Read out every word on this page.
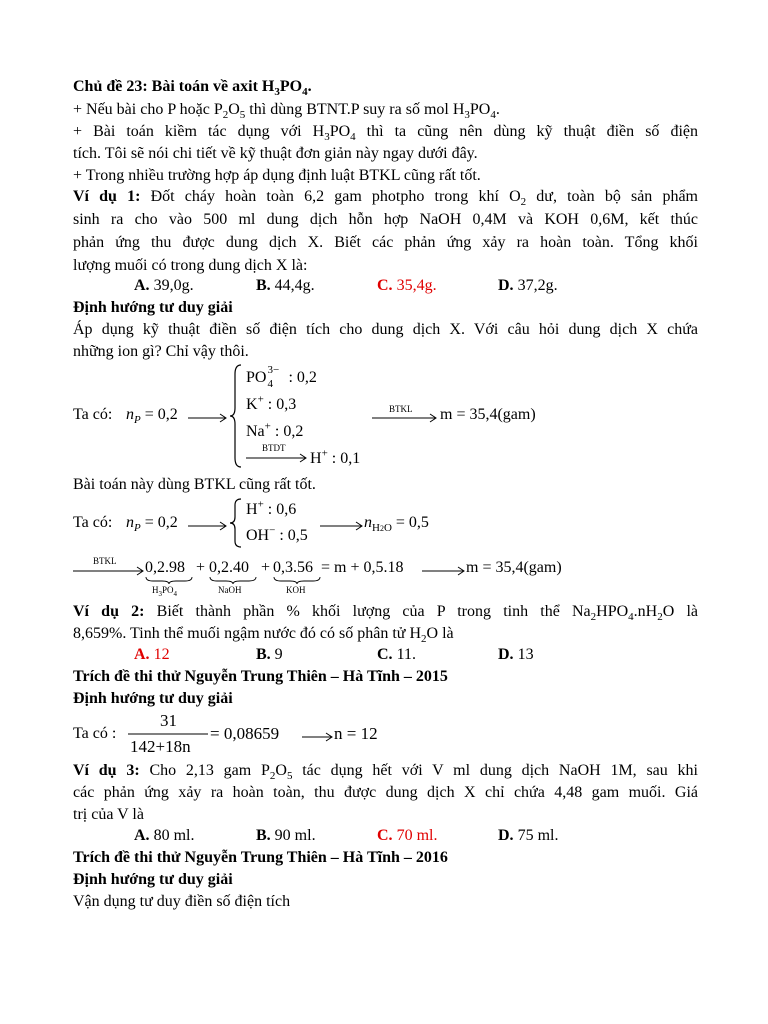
Chủ đề 23: Bài toán về axit $H_3PO_4$.
+ Nếu bài cho P hoặc $P_2O_5$ thì dùng BTNT.P suy ra số mol $H_3PO_4$.
+ Bài toán kiềm tác dụng với $H_3PO_4$ thì ta cũng nên dùng kỹ thuật điền số điện
tích. Tôi sẽ nói chi tiết về kỹ thuật đơn giản này ngay dưới đây.
+ Trong nhiều trường hợp áp dụng định luật BTKL cũng rất tốt.
Ví dụ 1: Đốt cháy hoàn toàn 6,2 gam photpho trong khí $O_2$ dư, toàn bộ sản phẩm
sinh ra cho vào 500 ml dung dịch hỗn hợp NaOH 0,4M và KOH 0,6M, kết thúc
phản ứng thu được dung dịch X. Biết các phản ứng xảy ra hoàn toàn. Tổng khối
lượng muối có trong dung dịch X là:
A. 39,0g.	B. 44,4g.	C. 35,4g.	D. 37,2g.
Định hướng tư duy giải
Áp dụng kỹ thuật điền số điện tích cho dung dịch X. Với câu hỏi dung dịch X chứa
những ion gì? Chỉ vậy thôi.
Ta có: $n_P = 0,2$
PO 3−
4 : 0,2
K+ : 0,3
Na+ : 0,2
BTDT
H+ : 0,1
BTKL m = 35,4(gam)
Bài toán này dùng BTKL cũng rất tốt.
Ta có: $n_P = 0,2$
H+ : 0,6
OH− : 0,5
$n_{H2O} = 0,5$
BTKL 0,2.98 + 0,2.40 + 0,3.56 = m + 0,5.18	m = 35,4(gam)
$H_3PO_4$	NaOH	KOH
Ví dụ 2: Biết thành phần % khối lượng của P trong tinh thể $Na_2HPO_4.nH_2O$ là
8,659%. Tinh thể muối ngậm nước đó có số phân tử $H_2O$ là
A. 12	B. 9	C. 11.	D. 13
Trích đề thi thử Nguyễn Trung Thiên – Hà Tĩnh – 2015
Định hướng tư duy giải
Ta có :
31
142+18n
= 0,08659	n = 12
Ví dụ 3: Cho 2,13 gam $P_2O_5$ tác dụng hết với V ml dung dịch NaOH 1M, sau khi
các phản ứng xảy ra hoàn toàn, thu được dung dịch X chỉ chứa 4,48 gam muối. Giá
trị của V là
A. 80 ml.	B. 90 ml.	C. 70 ml.	D. 75 ml.
Trích đề thi thử Nguyễn Trung Thiên – Hà Tĩnh – 2016
Định hướng tư duy giải
Vận dụng tư duy điền số điện tích
